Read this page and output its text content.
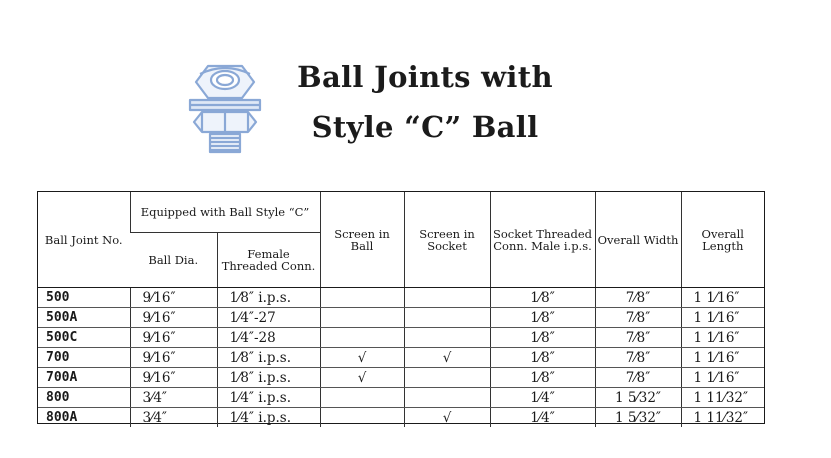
Ball Joints with
Style “C” Ball
Ball Joint No.	Equipped with Ball Style “C”		Screen in Ball	Screen in Socket	Socket Threaded Conn. Male i.p.s.	Overall Width	Overall Length
	Ball Dia.	Female Threaded Conn.					
500	9⁄16″	1⁄8″ i.p.s.			1⁄8″	7⁄8″	1 1⁄16″
500A	9⁄16″	1⁄4″-27			1⁄8″	7⁄8″	1 1⁄16″
500C	9⁄16″	1⁄4″-28			1⁄8″	7⁄8″	1 1⁄16″
700	9⁄16″	1⁄8″ i.p.s.	√	√	1⁄8″	7⁄8″	1 1⁄16″
700A	9⁄16″	1⁄8″ i.p.s.	√		1⁄8″	7⁄8″	1 1⁄16″
800	3⁄4″	1⁄4″ i.p.s.			1⁄4″	1 5⁄32″	1 11⁄32″
800A	3⁄4″	1⁄4″ i.p.s.		√	1⁄4″	1 5⁄32″	1 11⁄32″
